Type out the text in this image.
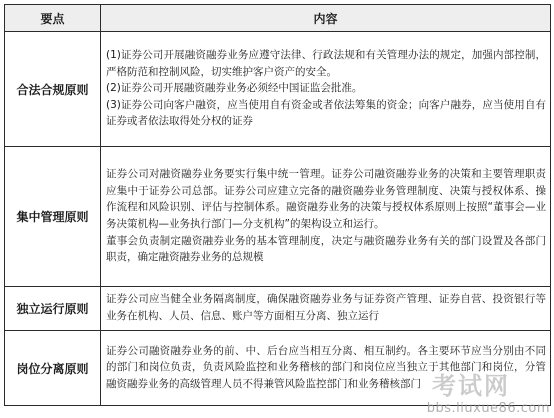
要点	内容
合法合规原则	(1)证券公司开展融资融券业务应遵守法律、行政法规和有关管理办法的规定，加强内部控制，严格防范和控制风险，切实维护客户资产的安全。

(2)证券公司开展融资融券业务必须经中国证监会批准。

(3)证券公司向客户融资，应当使用自有资金或者依法筹集的资金；向客户融券，应当使用自有证券或者依法取得处分权的证券

集中管理原则	证券公司对融资融券业务要实行集中统一管理。证券公司融资融券业务的决策和主要管理职责应集中于证券公司总部。证券公司应建立完备的融资融券业务管理制度、决策与授权体系、操作流程和风险识别、评估与控制体系。融资融券业务的决策与授权体系原则上按照“董事会—业务决策机构—业务执行部门—分支机构”的架构设立和运行。

董事会负责制定融资融券业务的基本管理制度，决定与融资融券业务有关的部门设置及各部门职责，确定融资融券业务的总规模

独立运行原则	证券公司应当健全业务隔离制度，确保融资融券业务与证券资产管理、证券自营、投资银行等业务在机构、人员、信息、账户等方面相互分离、独立运行

岗位分离原则	证券公司融资融券业务的前、中、后台应当相互分离、相互制约。各主要环节应当分别由不同的部门和岗位负责，负责风险监控和业务稽核的部门和岗位应当独立于其他部门和岗位，分管融资融券业务的高级管理人员不得兼管风险监控部门和业务稽核部门 考试网
bbs.liuxue86.com
